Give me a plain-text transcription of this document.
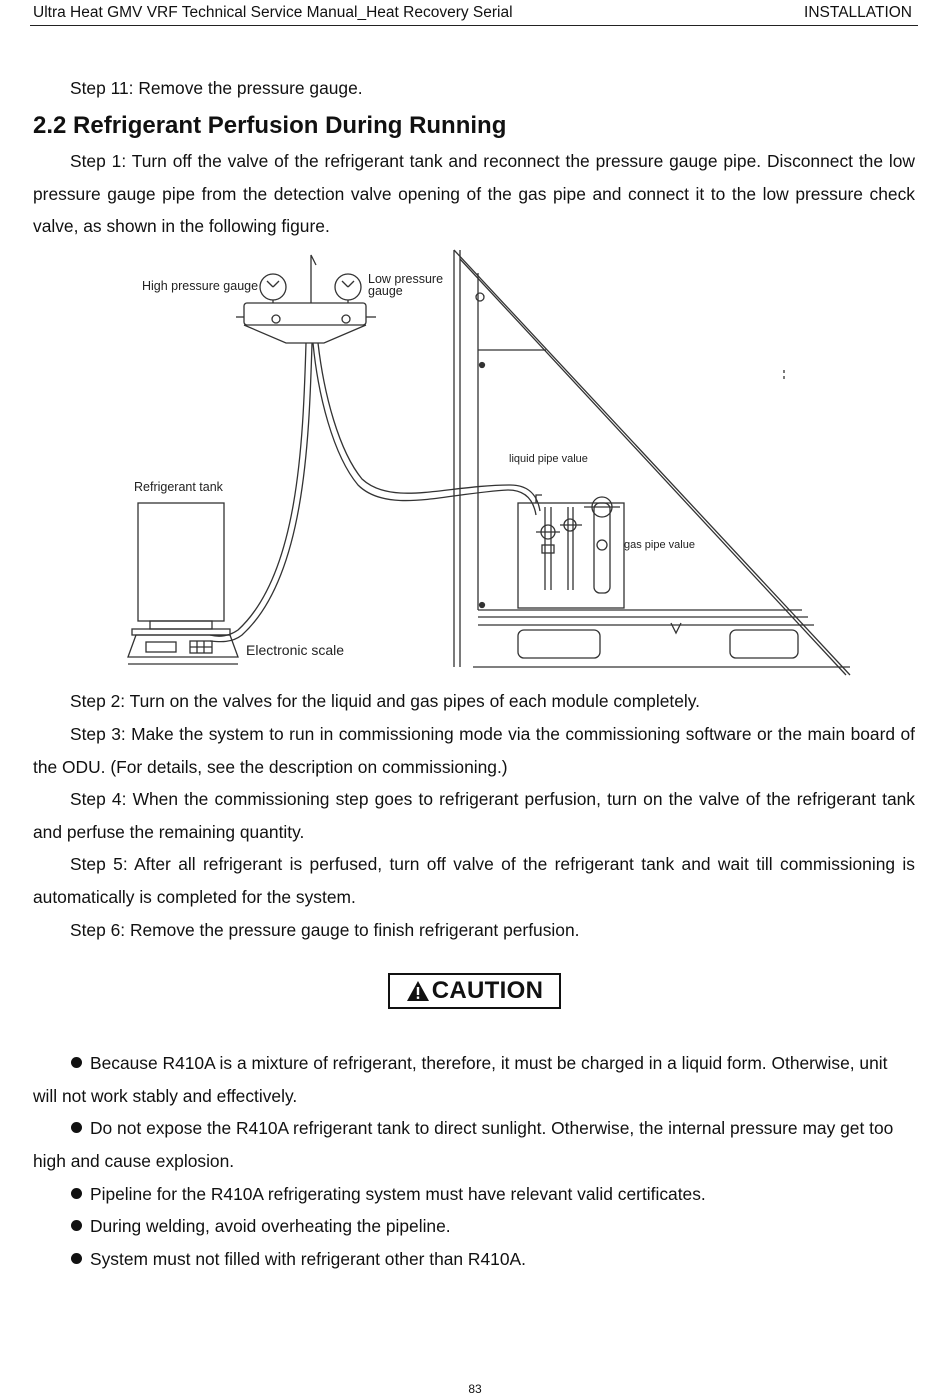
Ultra Heat GMV VRF Technical Service Manual_Heat Recovery Serial	INSTALLATION

Step 11: Remove the pressure gauge.

2.2 Refrigerant Perfusion During Running

Step 1: Turn off the valve of the refrigerant tank and reconnect the pressure gauge pipe. Disconnect the low pressure gauge pipe from the detection valve opening of the gas pipe and connect it to the low pressure check valve, as shown in the following figure.

High pressure gauge	Low pressure
gauge
Refrigerant tank
Electronic scale
liquid pipe value
gas pipe value

Step 2: Turn on the valves for the liquid and gas pipes of each module completely.

Step 3: Make the system to run in commissioning mode via the commissioning software or the main board of the ODU. (For details, see the description on commissioning.)

Step 4: When the commissioning step goes to refrigerant perfusion, turn on the valve of the refrigerant tank and perfuse the remaining quantity.

Step 5: After all refrigerant is perfused, turn off valve of the refrigerant tank and wait till commissioning is automatically is completed for the system.

Step 6: Remove the pressure gauge to finish refrigerant perfusion.

CAUTION

Because R410A is a mixture of refrigerant, therefore, it must be charged in a liquid form. Otherwise, unit will not work stably and effectively.

Do not expose the R410A refrigerant tank to direct sunlight. Otherwise, the internal pressure may get too high and cause explosion.

Pipeline for the R410A refrigerating system must have relevant valid certificates.

During welding, avoid overheating the pipeline.

System must not filled with refrigerant other than R410A.

83
